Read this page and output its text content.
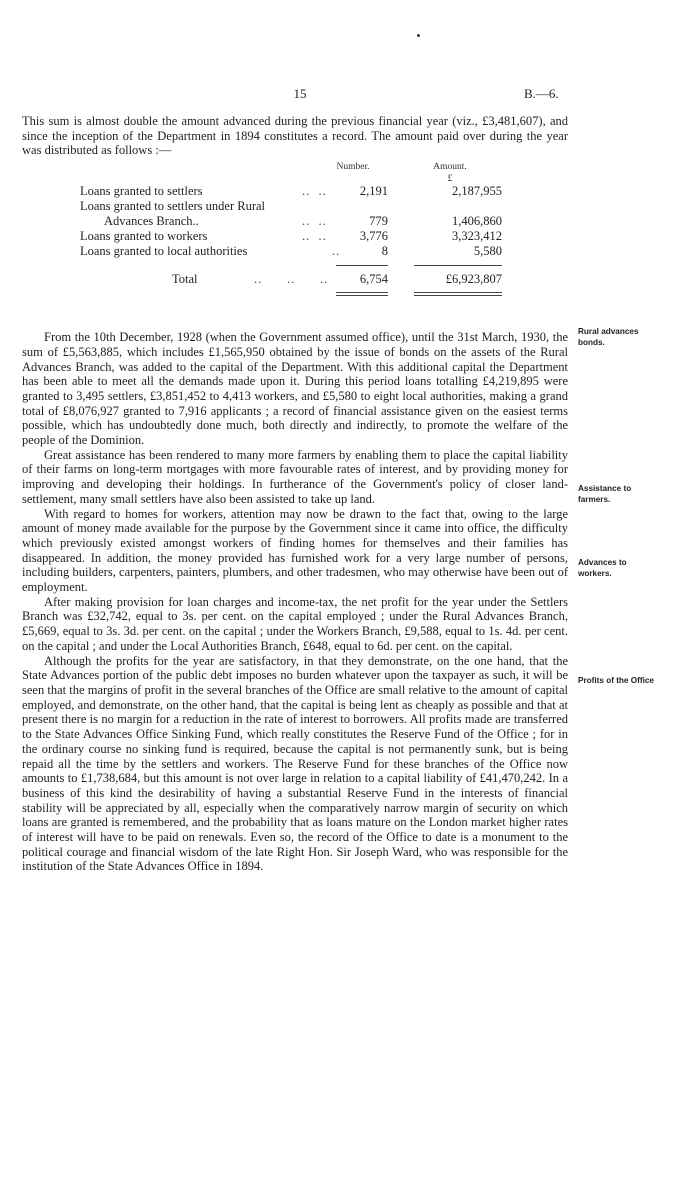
15	B.—6.

This sum is almost double the amount advanced during the previous financial year (viz., £3,481,607), and since the inception of the Department in 1894 constitutes a record. The amount paid over during the year was distributed as follows :—

Number.	Amount.
£
Loans granted to settlers	..  ..	2,191	2,187,955
Loans granted to settlers under Rural
Advances Branch..	..  ..	779	1,406,860
Loans granted to workers	..  ..	3,776	3,323,412
Loans granted to local authorities	..	8	5,580
Total	..      ..      ..	6,754	£6,923,807

From the 10th December, 1928 (when the Government assumed office), until the 31st March, 1930, the sum of £5,563,885, which includes £1,565,950 obtained by the issue of bonds on the assets of the Rural Advances Branch, was added to the capital of the Department. With this additional capital the Department has been able to meet all the demands made upon it. During this period loans totalling £4,219,895 were granted to 3,495 settlers, £3,851,452 to 4,413 workers, and £5,580 to eight local authorities, making a grand total of £8,076,927 granted to 7,916 applicants ; a record of financial assistance given on the easiest terms possible, which has undoubtedly done much, both directly and indirectly, to promote the welfare of the people of the Dominion.

Great assistance has been rendered to many more farmers by enabling them to place the capital liability of their farms on long-term mortgages with more favourable rates of interest, and by providing money for improving and developing their holdings. In furtherance of the Government's policy of closer land-settlement, many small settlers have also been assisted to take up land.

With regard to homes for workers, attention may now be drawn to the fact that, owing to the large amount of money made available for the purpose by the Government since it came into office, the difficulty which previously existed amongst workers of finding homes for themselves and their families has disappeared. In addition, the money provided has furnished work for a very large number of persons, including builders, carpenters, painters, plumbers, and other tradesmen, who may otherwise have been out of employment.

After making provision for loan charges and income-tax, the net profit for the year under the Settlers Branch was £32,742, equal to 3s. per cent. on the capital employed ; under the Rural Advances Branch, £5,669, equal to 3s. 3d. per cent. on the capital ; under the Workers Branch, £9,588, equal to 1s. 4d. per cent. on the capital ; and under the Local Authorities Branch, £648, equal to 6d. per cent. on the capital.

Although the profits for the year are satisfactory, in that they demonstrate, on the one hand, that the State Advances portion of the public debt imposes no burden whatever upon the taxpayer as such, it will be seen that the margins of profit in the several branches of the Office are small relative to the amount of capital employed, and demonstrate, on the other hand, that the capital is being lent as cheaply as possible and that at present there is no margin for a reduction in the rate of interest to borrowers. All profits made are transferred to the State Advances Office Sinking Fund, which really constitutes the Reserve Fund of the Office ; for in the ordinary course no sinking fund is required, because the capital is not permanently sunk, but is being repaid all the time by the settlers and workers. The Reserve Fund for these branches of the Office now amounts to £1,738,684, but this amount is not over large in relation to a capital liability of £41,470,242. In a business of this kind the desirability of having a substantial Reserve Fund in the interests of financial stability will be appreciated by all, especially when the comparatively narrow margin of security on which loans are granted is remembered, and the probability that as loans mature on the London market higher rates of interest will have to be paid on renewals. Even so, the record of the Office to date is a monument to the political courage and financial wisdom of the late Right Hon. Sir Joseph Ward, who was responsible for the institution of the State Advances Office in 1894.

Rural advances
bonds.
Assistance to
farmers.
Advances to
workers.
Profits of the Office
